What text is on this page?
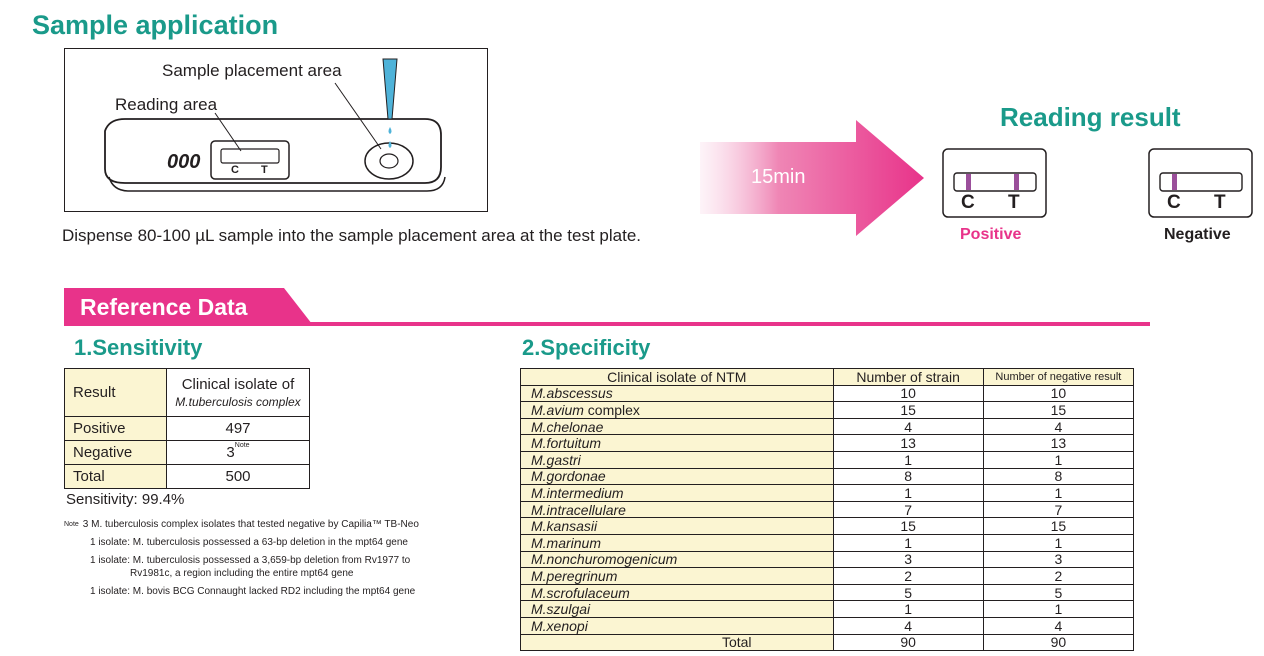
Sample application
Sample placement area
Reading area
000	C T
Dispense 80-100 µL sample into the sample placement area at the test plate.
15min
Reading result
C T
Positive
C T
Negative
Reference Data
1.Sensitivity	2.Specificity
Result	Clinical isolate of
M.tuberculosis complex

Positive	497
Negative	$3^{Note}$
Total	500
Sensitivity: 99.4%
$^{Note}$ 3 M. tuberculosis complex isolates that tested negative by Capilia™ TB-Neo
1 isolate: M. tuberculosis possessed a 63-bp deletion in the mpt64 gene
1 isolate: M. tuberculosis possessed a 3,659-bp deletion from Rv1977 to
Rv1981c, a region including the entire mpt64 gene
1 isolate: M. bovis BCG Connaught lacked RD2 including the mpt64 gene
Clinical isolate of NTM	Number of strain	Number of negative result
M.abscessus	10	10
M.avium complex	15	15
M.chelonae	4	4
M.fortuitum	13	13
M.gastri	1	1
M.gordonae	8	8
M.intermedium	1	1
M.intracellulare	7	7
M.kansasii	15	15
M.marinum	1	1
M.nonchuromogenicum	3	3
M.peregrinum	2	2
M.scrofulaceum	5	5
M.szulgai	1	1
M.xenopi	4	4
Total	90	90
